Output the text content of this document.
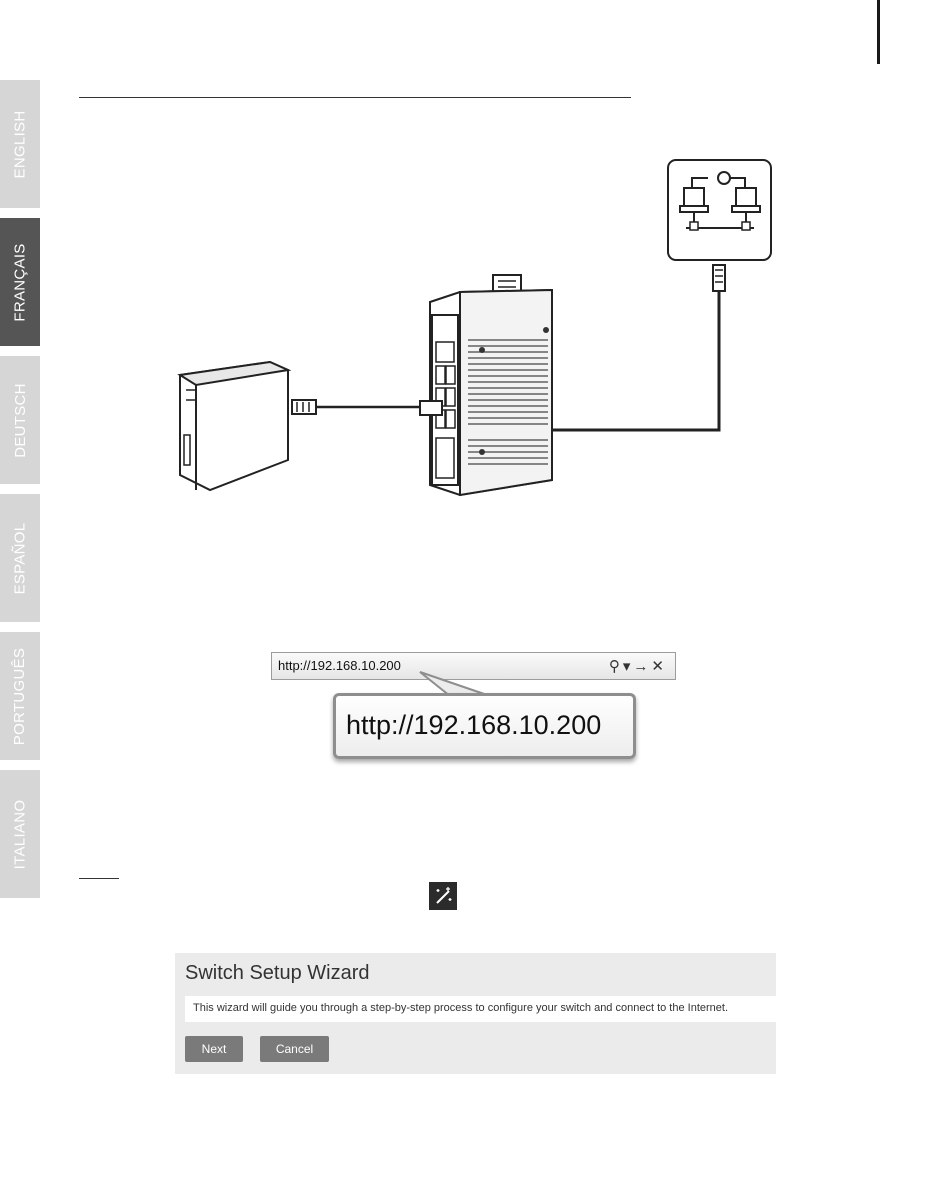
ENGLISH
FRANÇAIS
DEUTSCH
ESPAÑOL
PORTUGUÊS
ITALIANO
http://192.168.10.200	⚲▾→✕
http://192.168.10.200
Switch Setup Wizard
This wizard will guide you through a step-by-step process to configure your switch and connect to the Internet.
Next	Cancel
